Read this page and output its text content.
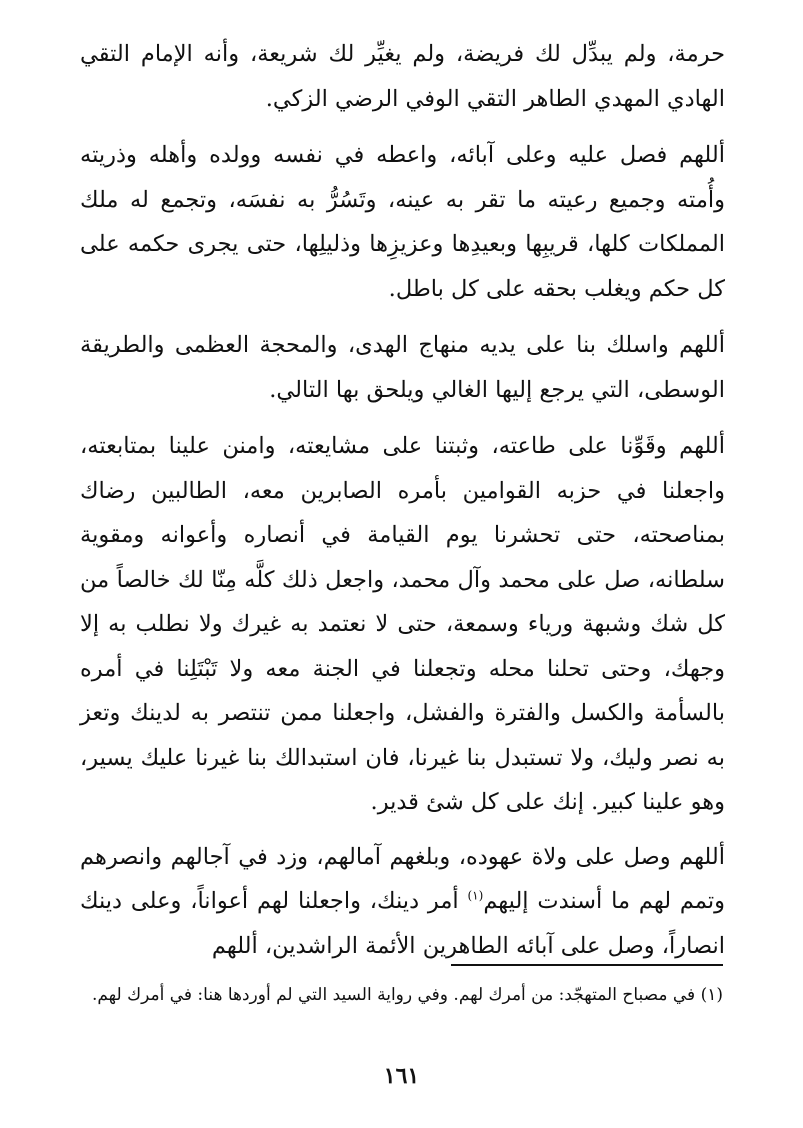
حرمة، ولم يبدِّل لك فريضة، ولم يغيِّر لك شريعة، وأنه الإمام التقي الهادي المهدي الطاهر التقي الوفي الرضي الزكي.

أللهم فصل عليه وعلى آبائه، واعطه في نفسه وولده وأهله وذريته وأُمته وجميع رعيته ما تقر به عينه، وتَسُرُّ به نفسَه، وتجمع له ملك المملكات كلها، قريبِها وبعيدِها وعزيزِها وذليلِها، حتى يجرى حكمه على كل حكم ويغلب بحقه على كل باطل.

أللهم واسلك بنا على يديه منهاج الهدى، والمحجة العظمى والطريقة الوسطى، التي يرجع إليها الغالي ويلحق بها التالي.

أللهم وقَوِّنا على طاعته، وثبتنا على مشايعته، وامنن علينا بمتابعته، واجعلنا في حزبه القوامين بأمره الصابرين معه، الطالبين رضاك بمناصحته، حتى تحشرنا يوم القيامة في أنصاره وأعوانه ومقوية سلطانه، صل على محمد وآل محمد، واجعل ذلك كلَّه مِنّا لك خالصاً من كل شك وشبهة ورياء وسمعة، حتى لا نعتمد به غيرك ولا نطلب به إلا وجهك، وحتى تحلنا محله وتجعلنا في الجنة معه ولا تَبْتَلِنا في أمره بالسأمة والكسل والفترة والفشل، واجعلنا ممن تنتصر به لدينك وتعز به نصر وليك، ولا تستبدل بنا غيرنا، فان استبدالك بنا غيرنا عليك يسير، وهو علينا كبير. إنك على كل شئ قدير.

أللهم وصل على ولاة عهوده، وبلغهم آمالهم، وزد في آجالهم وانصرهم وتمم لهم ما أسندت إليهم$^{(١)}$ أمر دينك، واجعلنا لهم أعواناً، وعلى دينك انصاراً، وصل على آبائه الطاهرين الأئمة الراشدين، أللهم

(١) في مصباح المتهجّد: من أمرك لهم. وفي رواية السيد التي لم أوردها هنا: في أمرك لهم.
١٦١
